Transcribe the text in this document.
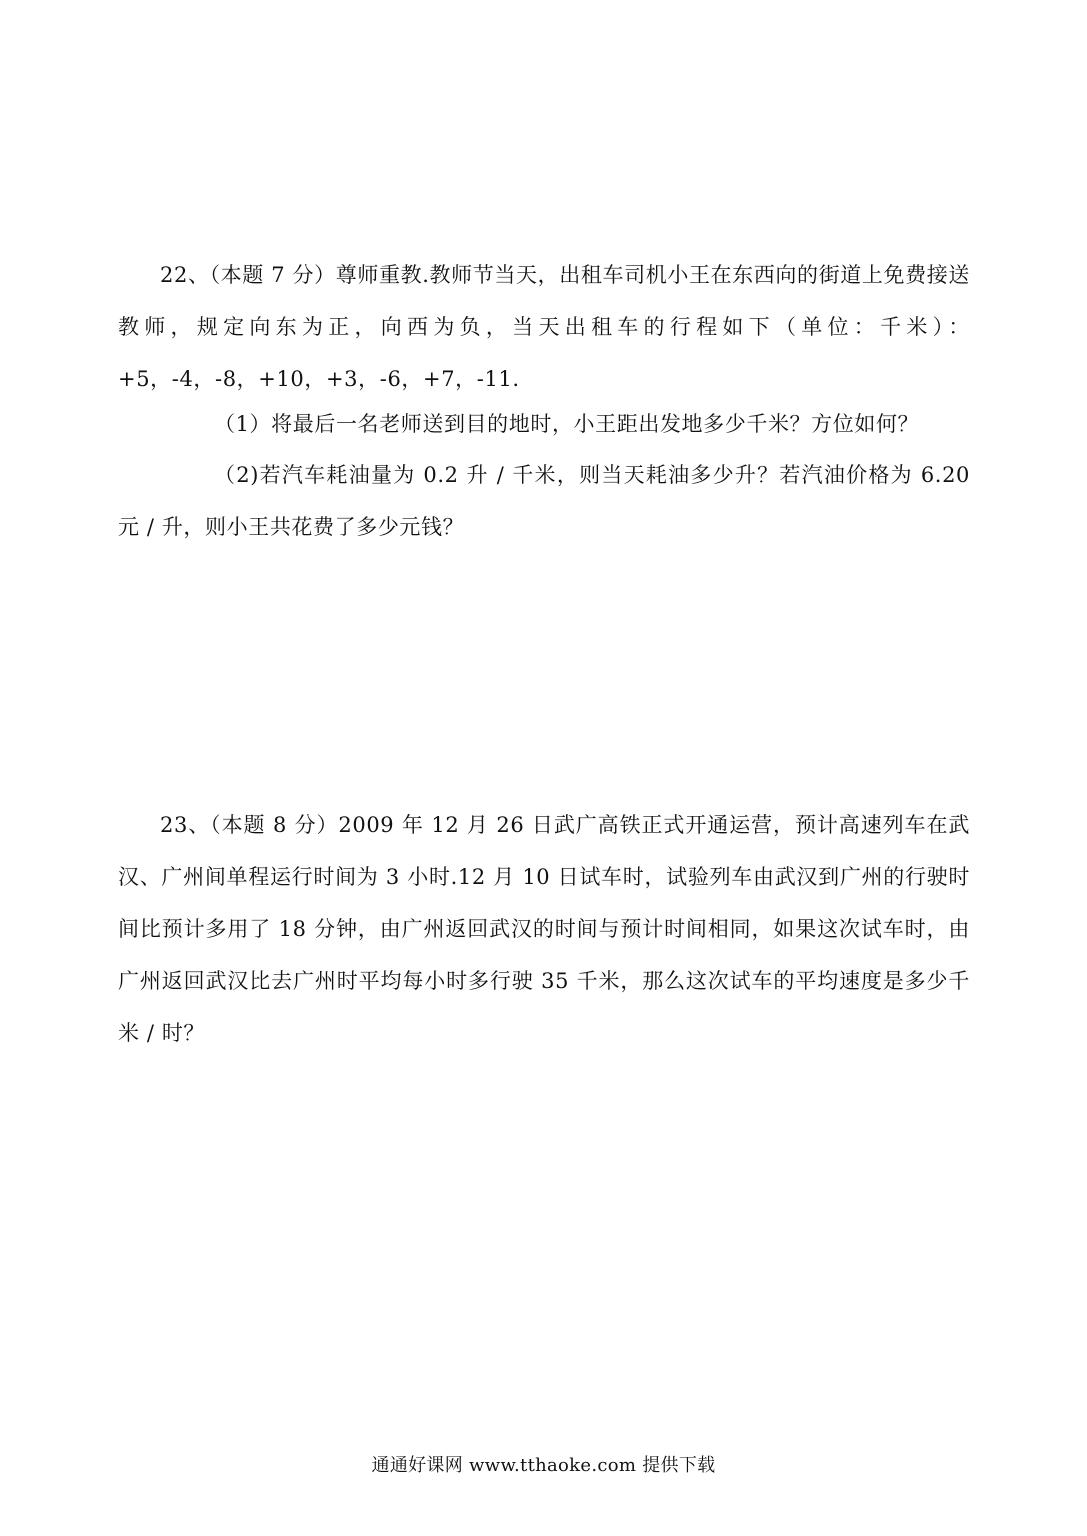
22、（本题 7 分）尊师重教.教师节当天，出租车司机小王在东西向的街道上免费接送教师，规定向东为正，向西为负，当天出租车的行程如下（单位：千米）：+5，-4，-8，+10，+3，-6，+7，-11.

（1）将最后一名老师送到目的地时，小王距出发地多少千米？方位如何？

（2)若汽车耗油量为 0.2 升 / 千米，则当天耗油多少升？若汽油价格为 6.20 元 / 升，则小王共花费了多少元钱？

23、（本题 8 分）2009 年 12 月 26 日武广高铁正式开通运营，预计高速列车在武汉、广州间单程运行时间为 3 小时.12 月 10 日试车时，试验列车由武汉到广州的行驶时间比预计多用了 18 分钟，由广州返回武汉的时间与预计时间相同，如果这次试车时，由广州返回武汉比去广州时平均每小时多行驶 35 千米，那么这次试车的平均速度是多少千米 / 时？

通通好课网 www.tthaoke.com 提供下载
